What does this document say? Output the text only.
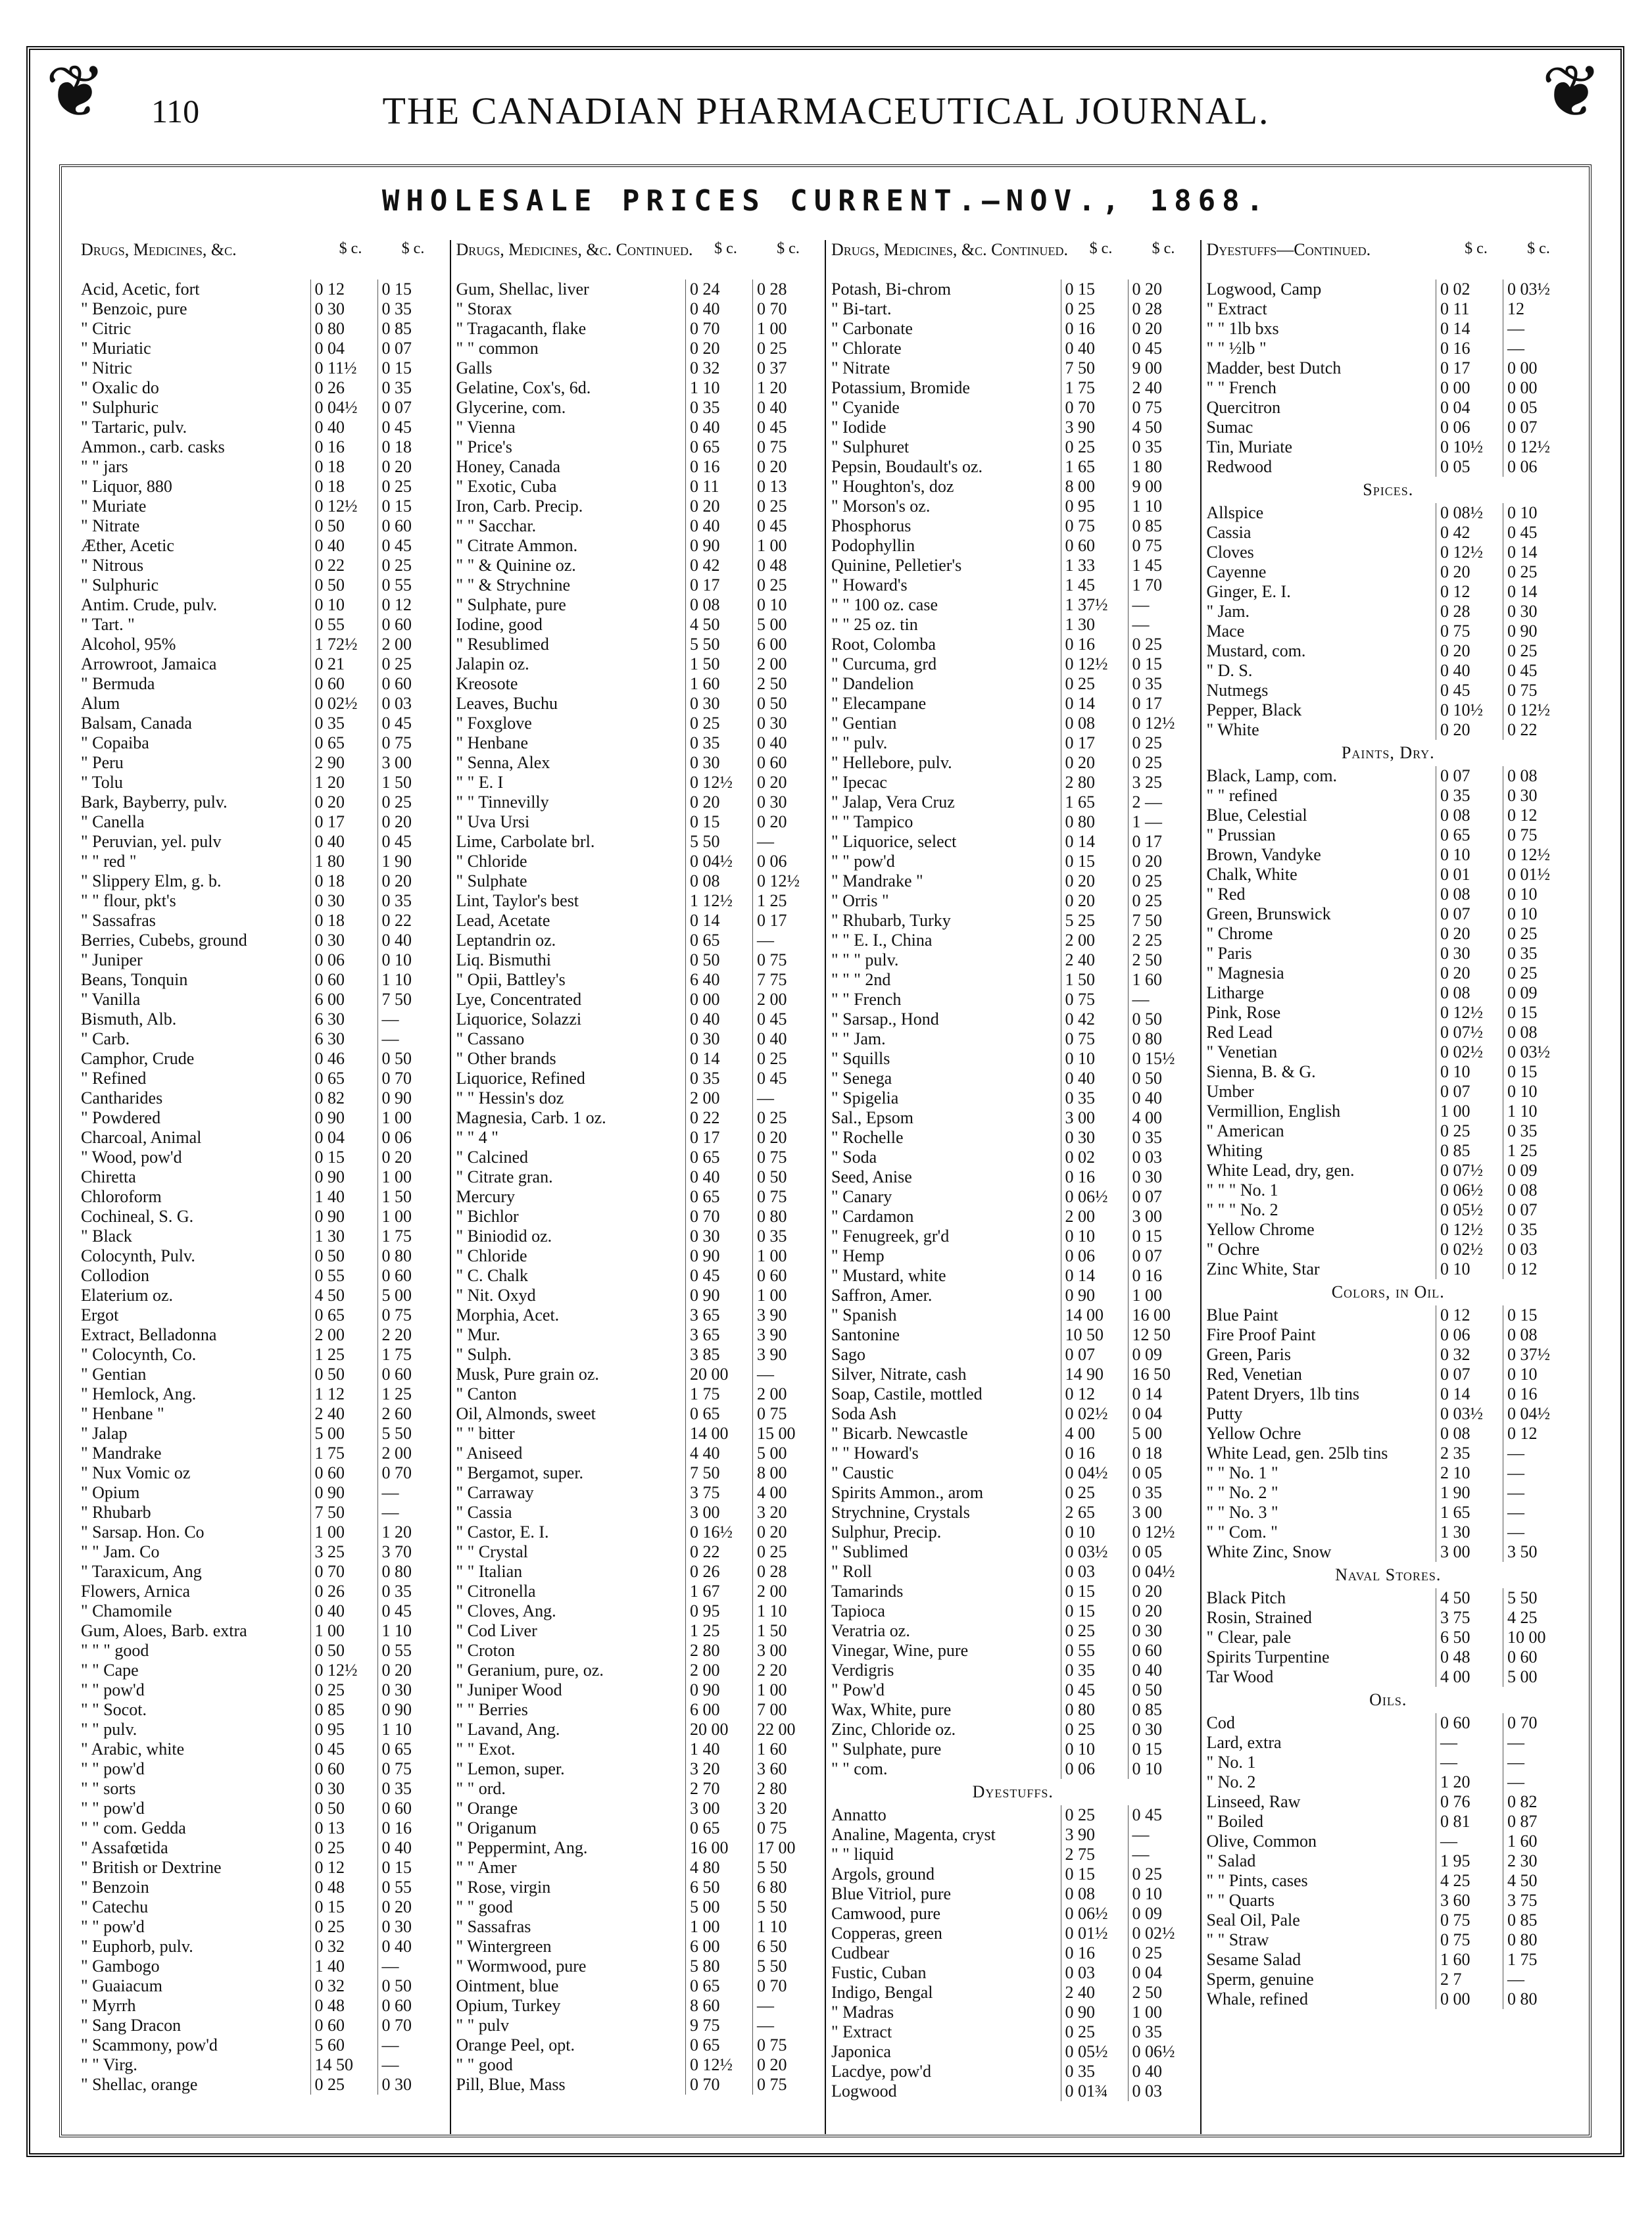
❦	❦
110	THE CANADIAN PHARMACEUTICAL JOURNAL.
WHOLESALE PRICES CURRENT.—NOV., 1868.
Drugs, Medicines, &c.	$ c.	$ c.
Acid, Acetic, fort	0 12	0 15
" Benzoic, pure	0 30	0 35
" Citric	0 80	0 85
" Muriatic	0 04	0 07
" Nitric	0 11½	0 15
" Oxalic do	0 26	0 35
" Sulphuric	0 04½	0 07
" Tartaric, pulv.	0 40	0 45
Ammon., carb. casks	0 16	0 18
" " jars	0 18	0 20
" Liquor, 880	0 18	0 25
" Muriate	0 12½	0 15
" Nitrate	0 50	0 60
Æther, Acetic	0 40	0 45
" Nitrous	0 22	0 25
" Sulphuric	0 50	0 55
Antim. Crude, pulv.	0 10	0 12
" Tart. "	0 55	0 60
Alcohol, 95%	1 72½	2 00
Arrowroot, Jamaica	0 21	0 25
" Bermuda	0 60	0 60
Alum	0 02½	0 03
Balsam, Canada	0 35	0 45
" Copaiba	0 65	0 75
" Peru	2 90	3 00
" Tolu	1 20	1 50
Bark, Bayberry, pulv.	0 20	0 25
" Canella	0 17	0 20
" Peruvian, yel. pulv	0 40	0 45
" " red "	1 80	1 90
" Slippery Elm, g. b.	0 18	0 20
" " flour, pkt's	0 30	0 35
" Sassafras	0 18	0 22
Berries, Cubebs, ground	0 30	0 40
" Juniper	0 06	0 10
Beans, Tonquin	0 60	1 10
" Vanilla	6 00	7 50
Bismuth, Alb.	6 30	—
" Carb.	6 30	—
Camphor, Crude	0 46	0 50
" Refined	0 65	0 70
Cantharides	0 82	0 90
" Powdered	0 90	1 00
Charcoal, Animal	0 04	0 06
" Wood, pow'd	0 15	0 20
Chiretta	0 90	1 00
Chloroform	1 40	1 50
Cochineal, S. G.	0 90	1 00
" Black	1 30	1 75
Colocynth, Pulv.	0 50	0 80
Collodion	0 55	0 60
Elaterium oz.	4 50	5 00
Ergot	0 65	0 75
Extract, Belladonna	2 00	2 20
" Colocynth, Co.	1 25	1 75
" Gentian	0 50	0 60
" Hemlock, Ang.	1 12	1 25
" Henbane "	2 40	2 60
" Jalap	5 00	5 50
" Mandrake	1 75	2 00
" Nux Vomic oz	0 60	0 70
" Opium	0 90	—
" Rhubarb	7 50	—
" Sarsap. Hon. Co	1 00	1 20
" " Jam. Co	3 25	3 70
" Taraxicum, Ang	0 70	0 80
Flowers, Arnica	0 26	0 35
" Chamomile	0 40	0 45
Gum, Aloes, Barb. extra	1 00	1 10
" " " good	0 50	0 55
" " Cape	0 12½	0 20
" " pow'd	0 25	0 30
" " Socot.	0 85	0 90
" " pulv.	0 95	1 10
" Arabic, white	0 45	0 65
" " pow'd	0 60	0 75
" " sorts	0 30	0 35
" " pow'd	0 50	0 60
" " com. Gedda	0 13	0 16
" Assafœtida	0 25	0 40
" British or Dextrine	0 12	0 15
" Benzoin	0 48	0 55
" Catechu	0 15	0 20
" " pow'd	0 25	0 30
" Euphorb, pulv.	0 32	0 40
" Gambogo	1 40	—
" Guaiacum	0 32	0 50
" Myrrh	0 48	0 60
" Sang Dracon	0 60	0 70
" Scammony, pow'd	5 60	—
" " Virg.	14 50	—
" Shellac, orange	0 25	0 30
Drugs, Medicines, &c. Continued.	$ c.	$ c.
Gum, Shellac, liver	0 24	0 28
" Storax	0 40	0 70
" Tragacanth, flake	0 70	1 00
" " common	0 20	0 25
Galls	0 32	0 37
Gelatine, Cox's, 6d.	1 10	1 20
Glycerine, com.	0 35	0 40
" Vienna	0 40	0 45
" Price's	0 65	0 75
Honey, Canada	0 16	0 20
" Exotic, Cuba	0 11	0 13
Iron, Carb. Precip.	0 20	0 25
" " Sacchar.	0 40	0 45
" Citrate Ammon.	0 90	1 00
" " & Quinine oz.	0 42	0 48
" " & Strychnine	0 17	0 25
" Sulphate, pure	0 08	0 10
Iodine, good	4 50	5 00
" Resublimed	5 50	6 00
Jalapin oz.	1 50	2 00
Kreosote	1 60	2 50
Leaves, Buchu	0 30	0 50
" Foxglove	0 25	0 30
" Henbane	0 35	0 40
" Senna, Alex	0 30	0 60
" " E. I	0 12½	0 20
" " Tinnevilly	0 20	0 30
" Uva Ursi	0 15	0 20
Lime, Carbolate brl.	5 50	—
" Chloride	0 04½	0 06
" Sulphate	0 08	0 12½
Lint, Taylor's best	1 12½	1 25
Lead, Acetate	0 14	0 17
Leptandrin oz.	0 65	—
Liq. Bismuthi	0 50	0 75
" Opii, Battley's	6 40	7 75
Lye, Concentrated	0 00	2 00
Liquorice, Solazzi	0 40	0 45
" Cassano	0 30	0 40
" Other brands	0 14	0 25
Liquorice, Refined	0 35	0 45
" " Hessin's doz	2 00	—
Magnesia, Carb. 1 oz.	0 22	0 25
" " 4 "	0 17	0 20
" Calcined	0 65	0 75
" Citrate gran.	0 40	0 50
Mercury	0 65	0 75
" Bichlor	0 70	0 80
" Biniodid oz.	0 30	0 35
" Chloride	0 90	1 00
" C. Chalk	0 45	0 60
" Nit. Oxyd	0 90	1 00
Morphia, Acet.	3 65	3 90
" Mur.	3 65	3 90
" Sulph.	3 85	3 90
Musk, Pure grain oz.	20 00	—
" Canton	1 75	2 00
Oil, Almonds, sweet	0 65	0 75
" " bitter	14 00	15 00
" Aniseed	4 40	5 00
" Bergamot, super.	7 50	8 00
" Carraway	3 75	4 00
" Cassia	3 00	3 20
" Castor, E. I.	0 16½	0 20
" " Crystal	0 22	0 25
" " Italian	0 26	0 28
" Citronella	1 67	2 00
" Cloves, Ang.	0 95	1 10
" Cod Liver	1 25	1 50
" Croton	2 80	3 00
" Geranium, pure, oz.	2 00	2 20
" Juniper Wood	0 90	1 00
" " Berries	6 00	7 00
" Lavand, Ang.	20 00	22 00
" " Exot.	1 40	1 60
" Lemon, super.	3 20	3 60
" " ord.	2 70	2 80
" Orange	3 00	3 20
" Origanum	0 65	0 75
" Peppermint, Ang.	16 00	17 00
" " Amer	4 80	5 50
" Rose, virgin	6 50	6 80
" " good	5 00	5 50
" Sassafras	1 00	1 10
" Wintergreen	6 00	6 50
" Wormwood, pure	5 80	5 50
Ointment, blue	0 65	0 70
Opium, Turkey	8 60	—
" " pulv	9 75	—
Orange Peel, opt.	0 65	0 75
" " good	0 12½	0 20
Pill, Blue, Mass	0 70	0 75
Drugs, Medicines, &c. Continued.	$ c.	$ c.
Potash, Bi-chrom	0 15	0 20
" Bi-tart.	0 25	0 28
" Carbonate	0 16	0 20
" Chlorate	0 40	0 45
" Nitrate	7 50	9 00
Potassium, Bromide	1 75	2 40
" Cyanide	0 70	0 75
" Iodide	3 90	4 50
" Sulphuret	0 25	0 35
Pepsin, Boudault's oz.	1 65	1 80
" Houghton's, doz	8 00	9 00
" Morson's oz.	0 95	1 10
Phosphorus	0 75	0 85
Podophyllin	0 60	0 75
Quinine, Pelletier's	1 33	1 45
" Howard's	1 45	1 70
" " 100 oz. case	1 37½	—
" " 25 oz. tin	1 30	—
Root, Colomba	0 16	0 25
" Curcuma, grd	0 12½	0 15
" Dandelion	0 25	0 35
" Elecampane	0 14	0 17
" Gentian	0 08	0 12½
" " pulv.	0 17	0 25
" Hellebore, pulv.	0 20	0 25
" Ipecac	2 80	3 25
" Jalap, Vera Cruz	1 65	2 —
" " Tampico	0 80	1 —
" Liquorice, select	0 14	0 17
" " pow'd	0 15	0 20
" Mandrake "	0 20	0 25
" Orris "	0 20	0 25
" Rhubarb, Turky	5 25	7 50
" " E. I., China	2 00	2 25
" " " pulv.	2 40	2 50
" " " 2nd	1 50	1 60
" " French	0 75	—
" Sarsap., Hond	0 42	0 50
" " Jam.	0 75	0 80
" Squills	0 10	0 15½
" Senega	0 40	0 50
" Spigelia	0 35	0 40
Sal., Epsom	3 00	4 00
" Rochelle	0 30	0 35
" Soda	0 02	0 03
Seed, Anise	0 16	0 30
" Canary	0 06½	0 07
" Cardamon	2 00	3 00
" Fenugreek, gr'd	0 10	0 15
" Hemp	0 06	0 07
" Mustard, white	0 14	0 16
Saffron, Amer.	0 90	1 00
" Spanish	14 00	16 00
Santonine	10 50	12 50
Sago	0 07	0 09
Silver, Nitrate, cash	14 90	16 50
Soap, Castile, mottled	0 12	0 14
Soda Ash	0 02½	0 04
" Bicarb. Newcastle	4 00	5 00
" " Howard's	0 16	0 18
" Caustic	0 04½	0 05
Spirits Ammon., arom	0 25	0 35
Strychnine, Crystals	2 65	3 00
Sulphur, Precip.	0 10	0 12½
" Sublimed	0 03½	0 05
" Roll	0 03	0 04½
Tamarinds	0 15	0 20
Tapioca	0 15	0 20
Veratria oz.	0 25	0 30
Vinegar, Wine, pure	0 55	0 60
Verdigris	0 35	0 40
" Pow'd	0 45	0 50
Wax, White, pure	0 80	0 85
Zinc, Chloride oz.	0 25	0 30
" Sulphate, pure	0 10	0 15
" " com.	0 06	0 10
Dyestuffs.
Annatto	0 25	0 45
Analine, Magenta, cryst	3 90	—
" " liquid	2 75	—
Argols, ground	0 15	0 25
Blue Vitriol, pure	0 08	0 10
Camwood, pure	0 06½	0 09
Copperas, green	0 01½	0 02½
Cudbear	0 16	0 25
Fustic, Cuban	0 03	0 04
Indigo, Bengal	2 40	2 50
" Madras	0 90	1 00
" Extract	0 25	0 35
Japonica	0 05½	0 06½
Lacdye, pow'd	0 35	0 40
Logwood	0 01¾	0 03
Dyestuffs—Continued.	$ c.	$ c.
Logwood, Camp	0 02	0 03½
" Extract	0 11	12
" " 1lb bxs	0 14	—
" " ½lb "	0 16	—
Madder, best Dutch	0 17	0 00
" " French	0 00	0 00
Quercitron	0 04	0 05
Sumac	0 06	0 07
Tin, Muriate	0 10½	0 12½
Redwood	0 05	0 06
Spices.
Allspice	0 08½	0 10
Cassia	0 42	0 45
Cloves	0 12½	0 14
Cayenne	0 20	0 25
Ginger, E. I.	0 12	0 14
" Jam.	0 28	0 30
Mace	0 75	0 90
Mustard, com.	0 20	0 25
" D. S.	0 40	0 45
Nutmegs	0 45	0 75
Pepper, Black	0 10½	0 12½
" White	0 20	0 22
Paints, Dry.
Black, Lamp, com.	0 07	0 08
" " refined	0 35	0 30
Blue, Celestial	0 08	0 12
" Prussian	0 65	0 75
Brown, Vandyke	0 10	0 12½
Chalk, White	0 01	0 01½
" Red	0 08	0 10
Green, Brunswick	0 07	0 10
" Chrome	0 20	0 25
" Paris	0 30	0 35
" Magnesia	0 20	0 25
Litharge	0 08	0 09
Pink, Rose	0 12½	0 15
Red Lead	0 07½	0 08
" Venetian	0 02½	0 03½
Sienna, B. & G.	0 10	0 15
Umber	0 07	0 10
Vermillion, English	1 00	1 10
" American	0 25	0 35
Whiting	0 85	1 25
White Lead, dry, gen.	0 07½	0 09
" " " No. 1	0 06½	0 08
" " " No. 2	0 05½	0 07
Yellow Chrome	0 12½	0 35
" Ochre	0 02½	0 03
Zinc White, Star	0 10	0 12
Colors, in Oil.
Blue Paint	0 12	0 15
Fire Proof Paint	0 06	0 08
Green, Paris	0 32	0 37½
Red, Venetian	0 07	0 10
Patent Dryers, 1lb tins	0 14	0 16
Putty	0 03½	0 04½
Yellow Ochre	0 08	0 12
White Lead, gen. 25lb tins	2 35	—
" " No. 1 "	2 10	—
" " No. 2 "	1 90	—
" " No. 3 "	1 65	—
" " Com. "	1 30	—
White Zinc, Snow	3 00	3 50
Naval Stores.
Black Pitch	4 50	5 50
Rosin, Strained	3 75	4 25
" Clear, pale	6 50	10 00
Spirits Turpentine	0 48	0 60
Tar Wood	4 00	5 00
Oils.
Cod	0 60	0 70
Lard, extra	—	—
" No. 1	—	—
" No. 2	1 20	—
Linseed, Raw	0 76	0 82
" Boiled	0 81	0 87
Olive, Common	—	1 60
" Salad	1 95	2 30
" " Pints, cases	4 25	4 50
" " Quarts	3 60	3 75
Seal Oil, Pale	0 75	0 85
" " Straw	0 75	0 80
Sesame Salad	1 60	1 75
Sperm, genuine	2 7	—
Whale, refined	0 00	0 80
